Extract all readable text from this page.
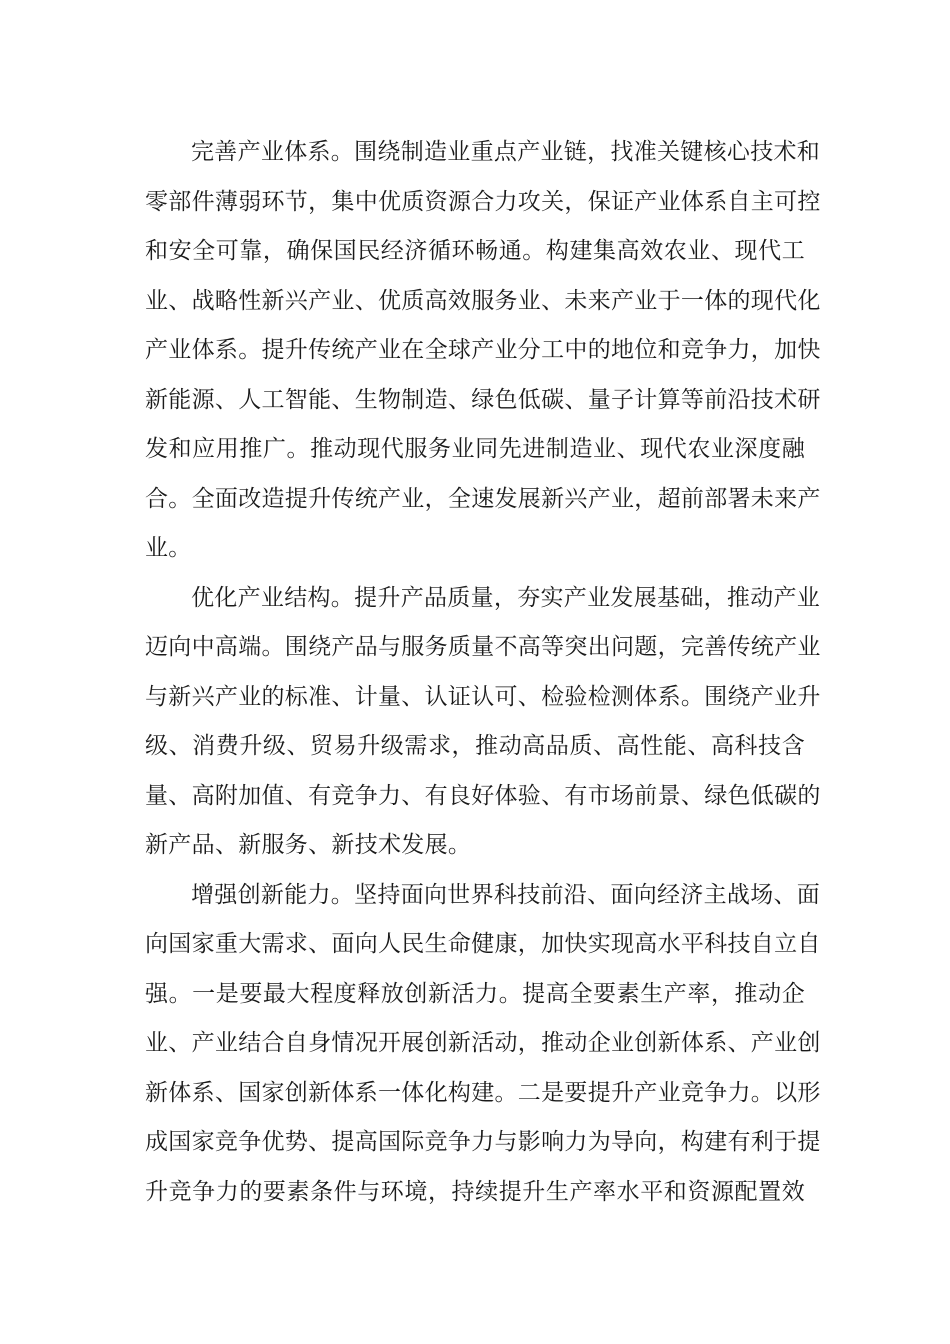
完善产业体系。围绕制造业重点产业链，找准关键核心技术和
零部件薄弱环节，集中优质资源合力攻关，保证产业体系自主可控
和安全可靠，确保国民经济循环畅通。构建集高效农业、现代工
业、战略性新兴产业、优质高效服务业、未来产业于一体的现代化
产业体系。提升传统产业在全球产业分工中的地位和竞争力，加快
新能源、人工智能、生物制造、绿色低碳、量子计算等前沿技术研
发和应用推广。推动现代服务业同先进制造业、现代农业深度融
合。全面改造提升传统产业，全速发展新兴产业，超前部署未来产
业。
优化产业结构。提升产品质量，夯实产业发展基础，推动产业
迈向中高端。围绕产品与服务质量不高等突出问题，完善传统产业
与新兴产业的标准、计量、认证认可、检验检测体系。围绕产业升
级、消费升级、贸易升级需求，推动高品质、高性能、高科技含
量、高附加值、有竞争力、有良好体验、有市场前景、绿色低碳的
新产品、新服务、新技术发展。
增强创新能力。坚持面向世界科技前沿、面向经济主战场、面
向国家重大需求、面向人民生命健康，加快实现高水平科技自立自
强。一是要最大程度释放创新活力。提高全要素生产率，推动企
业、产业结合自身情况开展创新活动，推动企业创新体系、产业创
新体系、国家创新体系一体化构建。二是要提升产业竞争力。以形
成国家竞争优势、提高国际竞争力与影响力为导向，构建有利于提
升竞争力的要素条件与环境，持续提升生产率水平和资源配置效
